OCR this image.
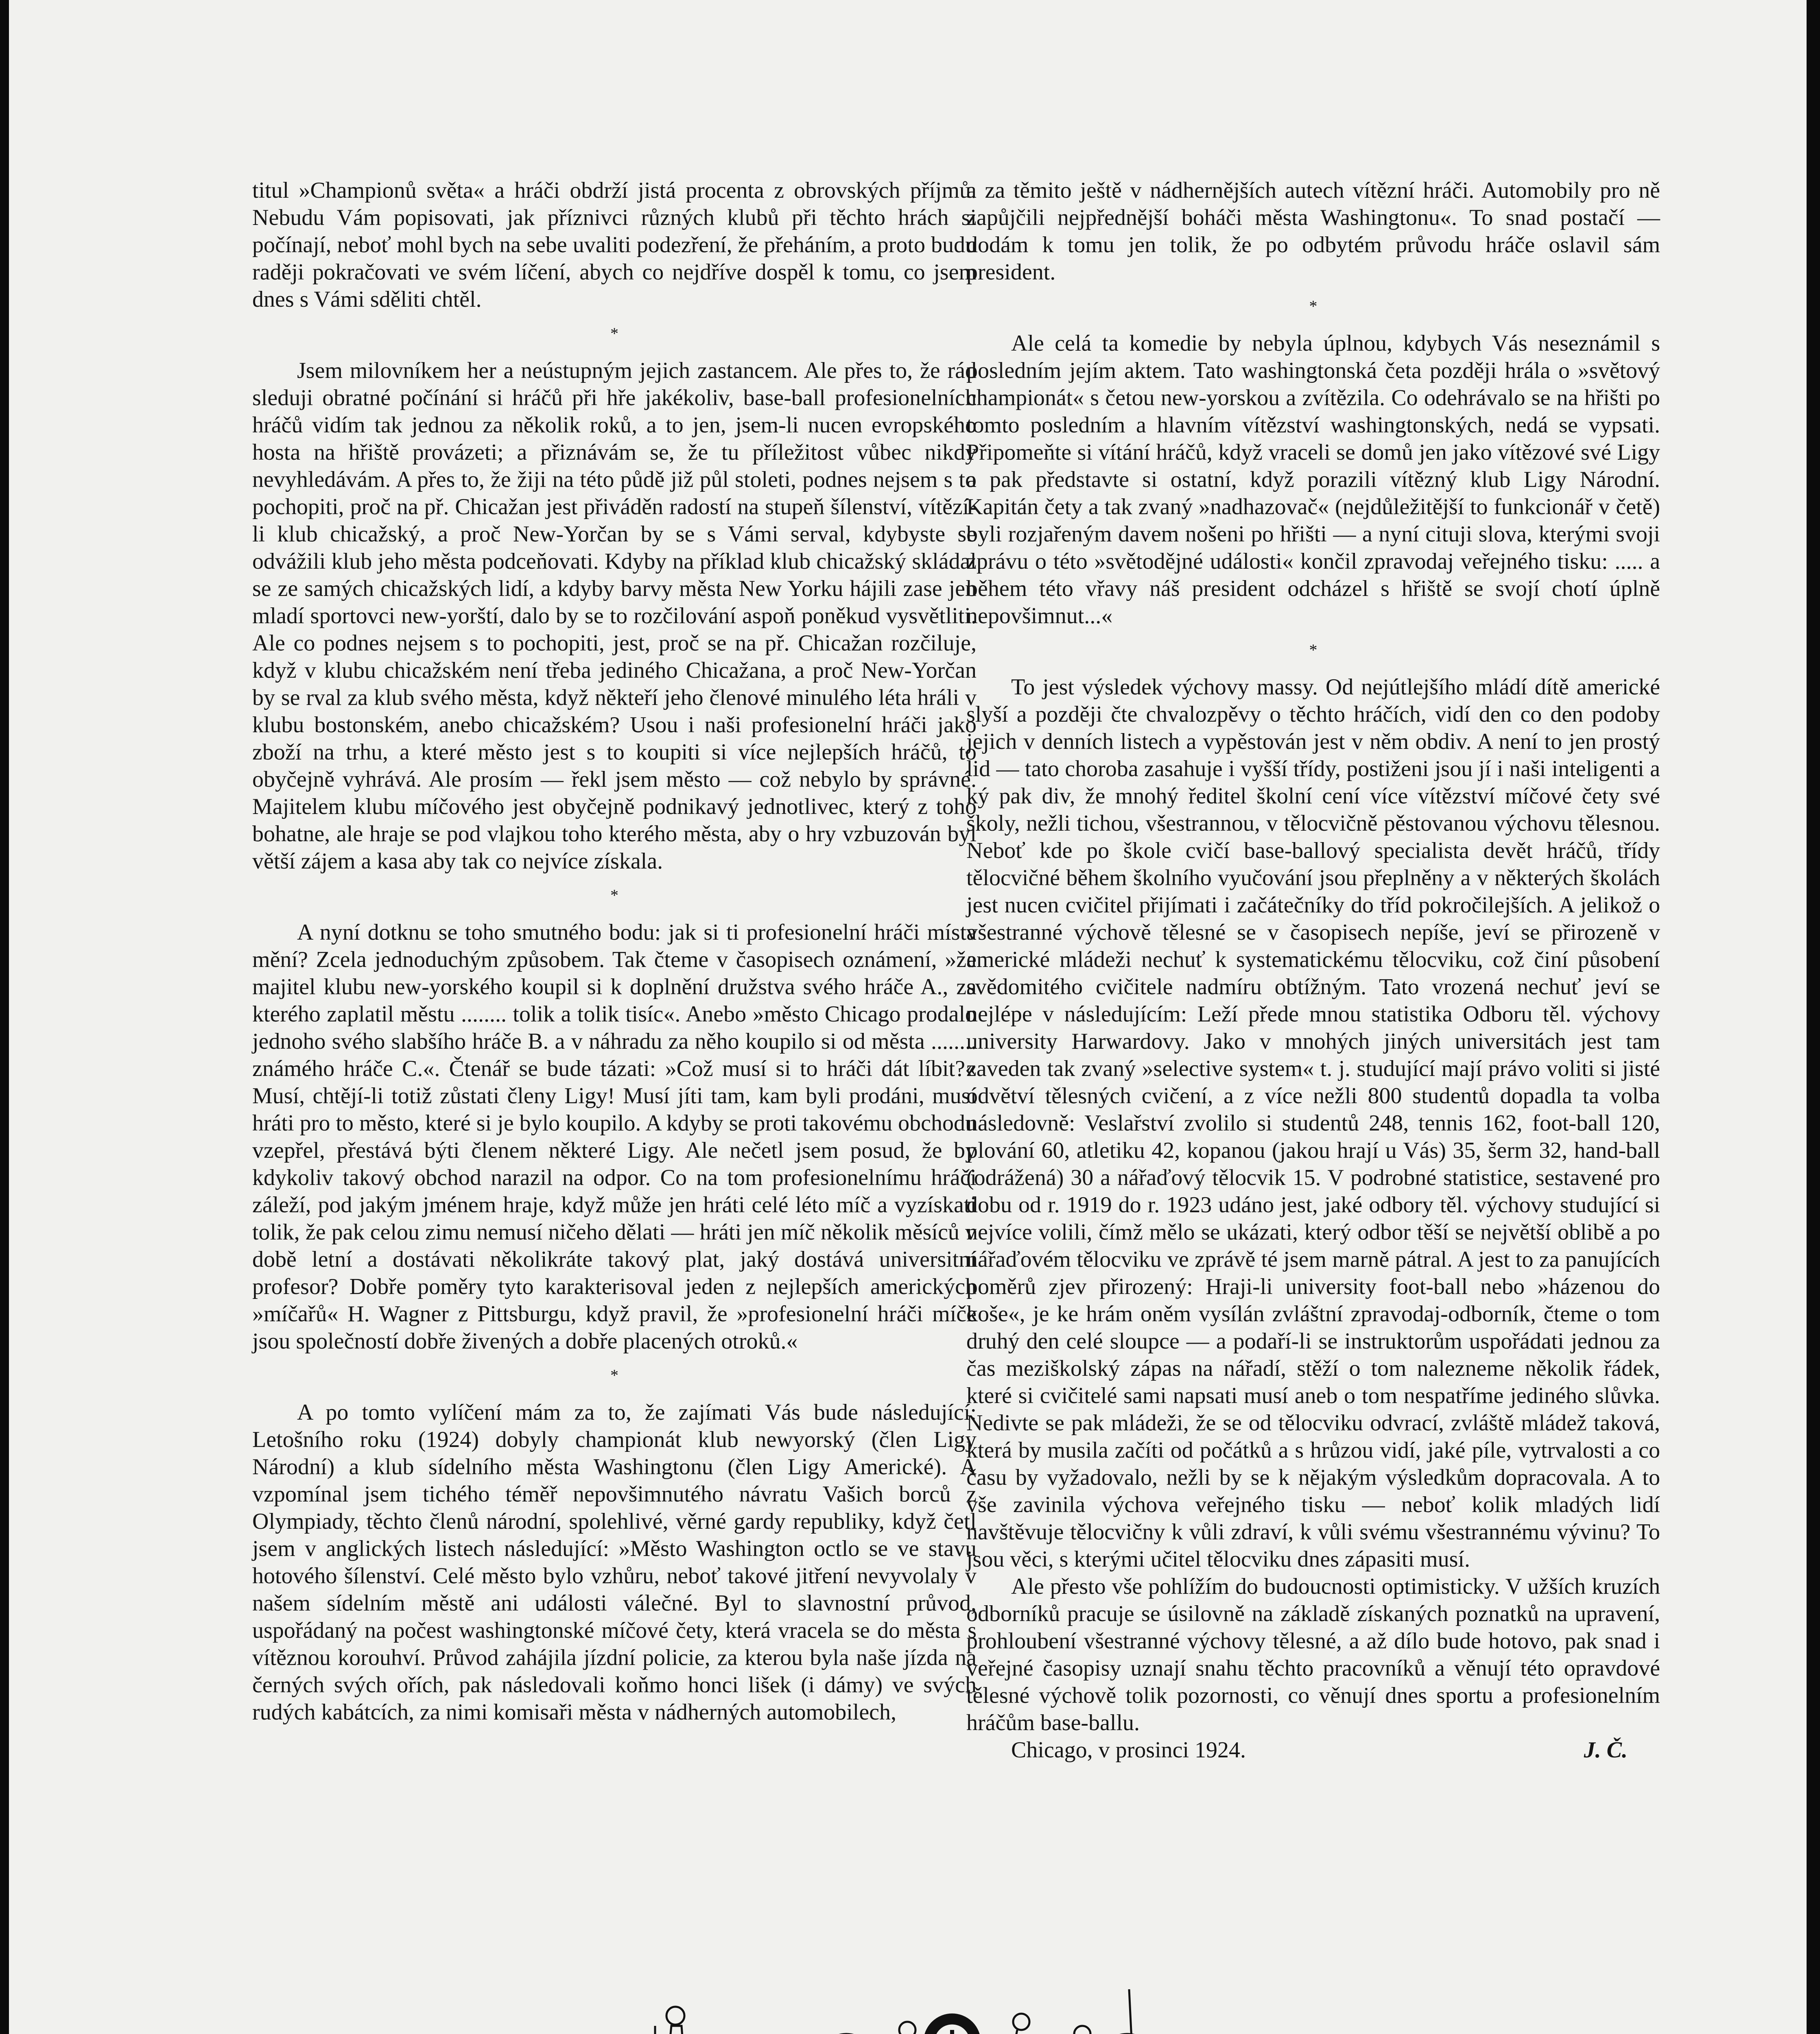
titul »Championů světa« a hráči obdrží jistá procenta z obrovských příjmů. Nebudu Vám popisovati, jak příznivci různých klubů při těchto hrách si počínají, neboť mohl bych na sebe uvaliti podezření, že přeháním, a proto budu raději pokračovati ve svém líčení, abych co nejdříve dospěl k tomu, co jsem dnes s Vámi sděliti chtěl.

*

Jsem milovníkem her a neústupným jejich zastancem. Ale přes to, že rád sleduji obratné počínání si hráčů při hře jakékoliv, base-ball profesionelních hráčů vidím tak jednou za několik roků, a to jen, jsem-li nucen evropského hosta na hřiště provázeti; a přiznávám se, že tu příležitost vůbec nikdy nevyhledávám. A přes to, že žiji na této půdě již půl stoleti, podnes nejsem s to pochopiti, proč na př. Chicažan jest přiváděn radostí na stupeň šílenství, vítězí-li klub chicažský, a proč New-Yorčan by se s Vámi serval, kdybyste se odvážili klub jeho města podceňovati. Kdyby na příklad klub chicažský skládal se ze samých chicažských lidí, a kdyby barvy města New Yorku hájili zase jen mladí sportovci new-yorští, dalo by se to rozčilování aspoň poněkud vysvětliti. Ale co podnes nejsem s to pochopiti, jest, proč se na př. Chicažan rozčiluje, když v klubu chicažském není třeba jediného Chicažana, a proč New-Yorčan by se rval za klub svého města, když někteří jeho členové minulého léta hráli v klubu bostonském, anebo chicažském? Usou i naši profesionelní hráči jako zboží na trhu, a které město jest s to koupiti si více nejlepších hráčů, to obyčejně vyhrává. Ale prosím — řekl jsem město — což nebylo by správné. Majitelem klubu míčového jest obyčejně podnikavý jednotlivec, který z toho bohatne, ale hraje se pod vlajkou toho kterého města, aby o hry vzbuzován byl větší zájem a kasa aby tak co nejvíce získala.

*

A nyní dotknu se toho smutného bodu: jak si ti profesionelní hráči místa mění? Zcela jednoduchým způsobem. Tak čteme v časopisech oznámení, »že majitel klubu new-yorského koupil si k doplnění družstva svého hráče A., za kterého zaplatil městu ........ tolik a tolik tisíc«. Anebo »město Chicago prodalo jednoho svého slabšího hráče B. a v náhradu za něho koupilo si od města ........ známého hráče C.«. Čtenář se bude tázati: »Což musí si to hráči dát líbit?« Musí, chtějí-li totiž zůstati členy Ligy! Musí jíti tam, kam byli prodáni, musí hráti pro to město, které si je bylo koupilo. A kdyby se proti takovému obchodu vzepřel, přestává býti členem některé Ligy. Ale nečetl jsem posud, že by kdykoliv takový obchod narazil na odpor. Co na tom profesionelnímu hráči záleží, pod jakým jménem hraje, když může jen hráti celé léto míč a vyzískati tolik, že pak celou zimu nemusí ničeho dělati — hráti jen míč několik měsíců v době letní a dostávati několikráte takový plat, jaký dostává universitní profesor? Dobře poměry tyto karakterisoval jeden z nejlepších amerických »míčařů« H. Wagner z Pittsburgu, když pravil, že »profesionelní hráči míče jsou společností dobře živených a dobře placených otroků.«

*

A po tomto vylíčení mám za to, že zajímati Vás bude následující: Letošního roku (1924) dobyly championát klub newyorský (člen Ligy Národní) a klub sídelního města Washingtonu (člen Ligy Americké). A vzpomínal jsem tichého téměř nepovšimnutého návratu Vašich borců z Olympiady, těchto členů národní, spolehlivé, věrné gardy republiky, když četl jsem v anglických listech následující: »Město Washington octlo se ve stavu hotového šílenství. Celé město bylo vzhůru, neboť takové jitření nevyvolaly v našem sídelním městě ani události válečné. Byl to slavnostní průvod, uspořádaný na počest washingtonské míčové čety, která vracela se do města s vítěznou korouhví. Průvod zahájila jízdní policie, za kterou byla naše jízda na černých svých ořích, pak následovali koňmo honci lišek (i dámy) ve svých rudých kabátcích, za nimi komisaři města v nádherných automobilech,

a za těmito ještě v nádhernějších autech vítězní hráči. Automobily pro ně zapůjčili nejpřednější boháči města Washingtonu«. To snad postačí — dodám k tomu jen tolik, že po odbytém průvodu hráče oslavil sám president.

*

Ale celá ta komedie by nebyla úplnou, kdybych Vás neseznámil s posledním jejím aktem. Tato washingtonská četa později hrála o »světový championát« s četou new-yorskou a zvítězila. Co odehrávalo se na hřišti po tomto posledním a hlavním vítězství washingtonských, nedá se vypsati. Připomeňte si vítání hráčů, když vraceli se domů jen jako vítězové své Ligy a pak představte si ostatní, když porazili vítězný klub Ligy Národní. Kapitán čety a tak zvaný »nadhazovač« (nejdůležitější to funkcionář v četě) byli rozjařeným davem nošeni po hřišti — a nyní cituji slova, kterými svoji zprávu o této »světodějné události« končil zpravodaj veřejného tisku: ..... a během této vřavy náš president odcházel s hřiště se svojí chotí úplně nepovšimnut...«

*

To jest výsledek výchovy massy. Od nejútlejšího mládí dítě americké slyší a později čte chvalozpěvy o těchto hráčích, vidí den co den podoby jejich v denních listech a vypěstován jest v něm obdiv. A není to jen prostý lid — tato choroba zasahuje i vyšší třídy, postiženi jsou jí i naši inteligenti a ký pak div, že mnohý ředitel školní cení více vítězství míčové čety své školy, nežli tichou, všestrannou, v tělocvičně pěstovanou výchovu tělesnou. Neboť kde po škole cvičí base-ballový specialista devět hráčů, třídy tělocvičné během školního vyučování jsou přeplněny a v některých školách jest nucen cvičitel přijímati i začátečníky do tříd pokročilejších. A jelikož o všestranné výchově tělesné se v časopisech nepíše, jeví se přirozeně v americké mládeži nechuť k systematickému tělocviku, což činí působení svědomitého cvičitele nadmíru obtížným. Tato vrozená nechuť jeví se nejlépe v následujícím: Leží přede mnou statistika Odboru těl. výchovy university Harwardovy. Jako v mnohých jiných universitách jest tam zaveden tak zvaný »selective system« t. j. studující mají právo voliti si jisté odvětví tělesných cvičení, a z více nežli 800 studentů dopadla ta volba následovně: Veslařství zvolilo si studentů 248, tennis 162, foot-ball 120, plování 60, atletiku 42, kopanou (jakou hrají u Vás) 35, šerm 32, hand-ball (odrážená) 30 a nářaďový tělocvik 15. V podrobné statistice, sestavené pro dobu od r. 1919 do r. 1923 udáno jest, jaké odbory těl. výchovy studující si nejvíce volili, čímž mělo se ukázati, který odbor těší se největší oblibě a po nářaďovém tělocviku ve zprávě té jsem marně pátral. A jest to za panujících poměrů zjev přirozený: Hraji-li university foot-ball nebo »házenou do koše«, je ke hrám oněm vysílán zvláštní zpravodaj-odborník, čteme o tom druhý den celé sloupce — a podaří-li se instruktorům uspořádati jednou za čas meziškolský zápas na nářadí, stěží o tom nalezneme několik řádek, které si cvičitelé sami napsati musí aneb o tom nespatříme jediného slůvka. Nedivte se pak mládeži, že se od tělocviku odvrací, zvláště mládež taková, která by musila začíti od počátků a s hrůzou vidí, jaké píle, vytrvalosti a co času by vyžadovalo, nežli by se k nějakým výsledkům dopracovala. A to vše zavinila výchova veřejného tisku — neboť kolik mladých lidí navštěvuje tělocvičny k vůli zdraví, k vůli svému všestrannému vývinu? To jsou věci, s kterými učitel tělocviku dnes zápasiti musí.

Ale přesto vše pohlížím do budoucnosti optimisticky. V užších kruzích odborníků pracuje se úsilovně na základě získaných poznatků na upravení, prohloubení všestranné výchovy tělesné, a až dílo bude hotovo, pak snad i veřejné časopisy uznají snahu těchto pracovníků a věnují této opravdové tělesné výchově tolik pozornosti, co věnují dnes sportu a profesionelním hráčům base-ballu.

Chicago, v prosinci 1924.	J. Č.
